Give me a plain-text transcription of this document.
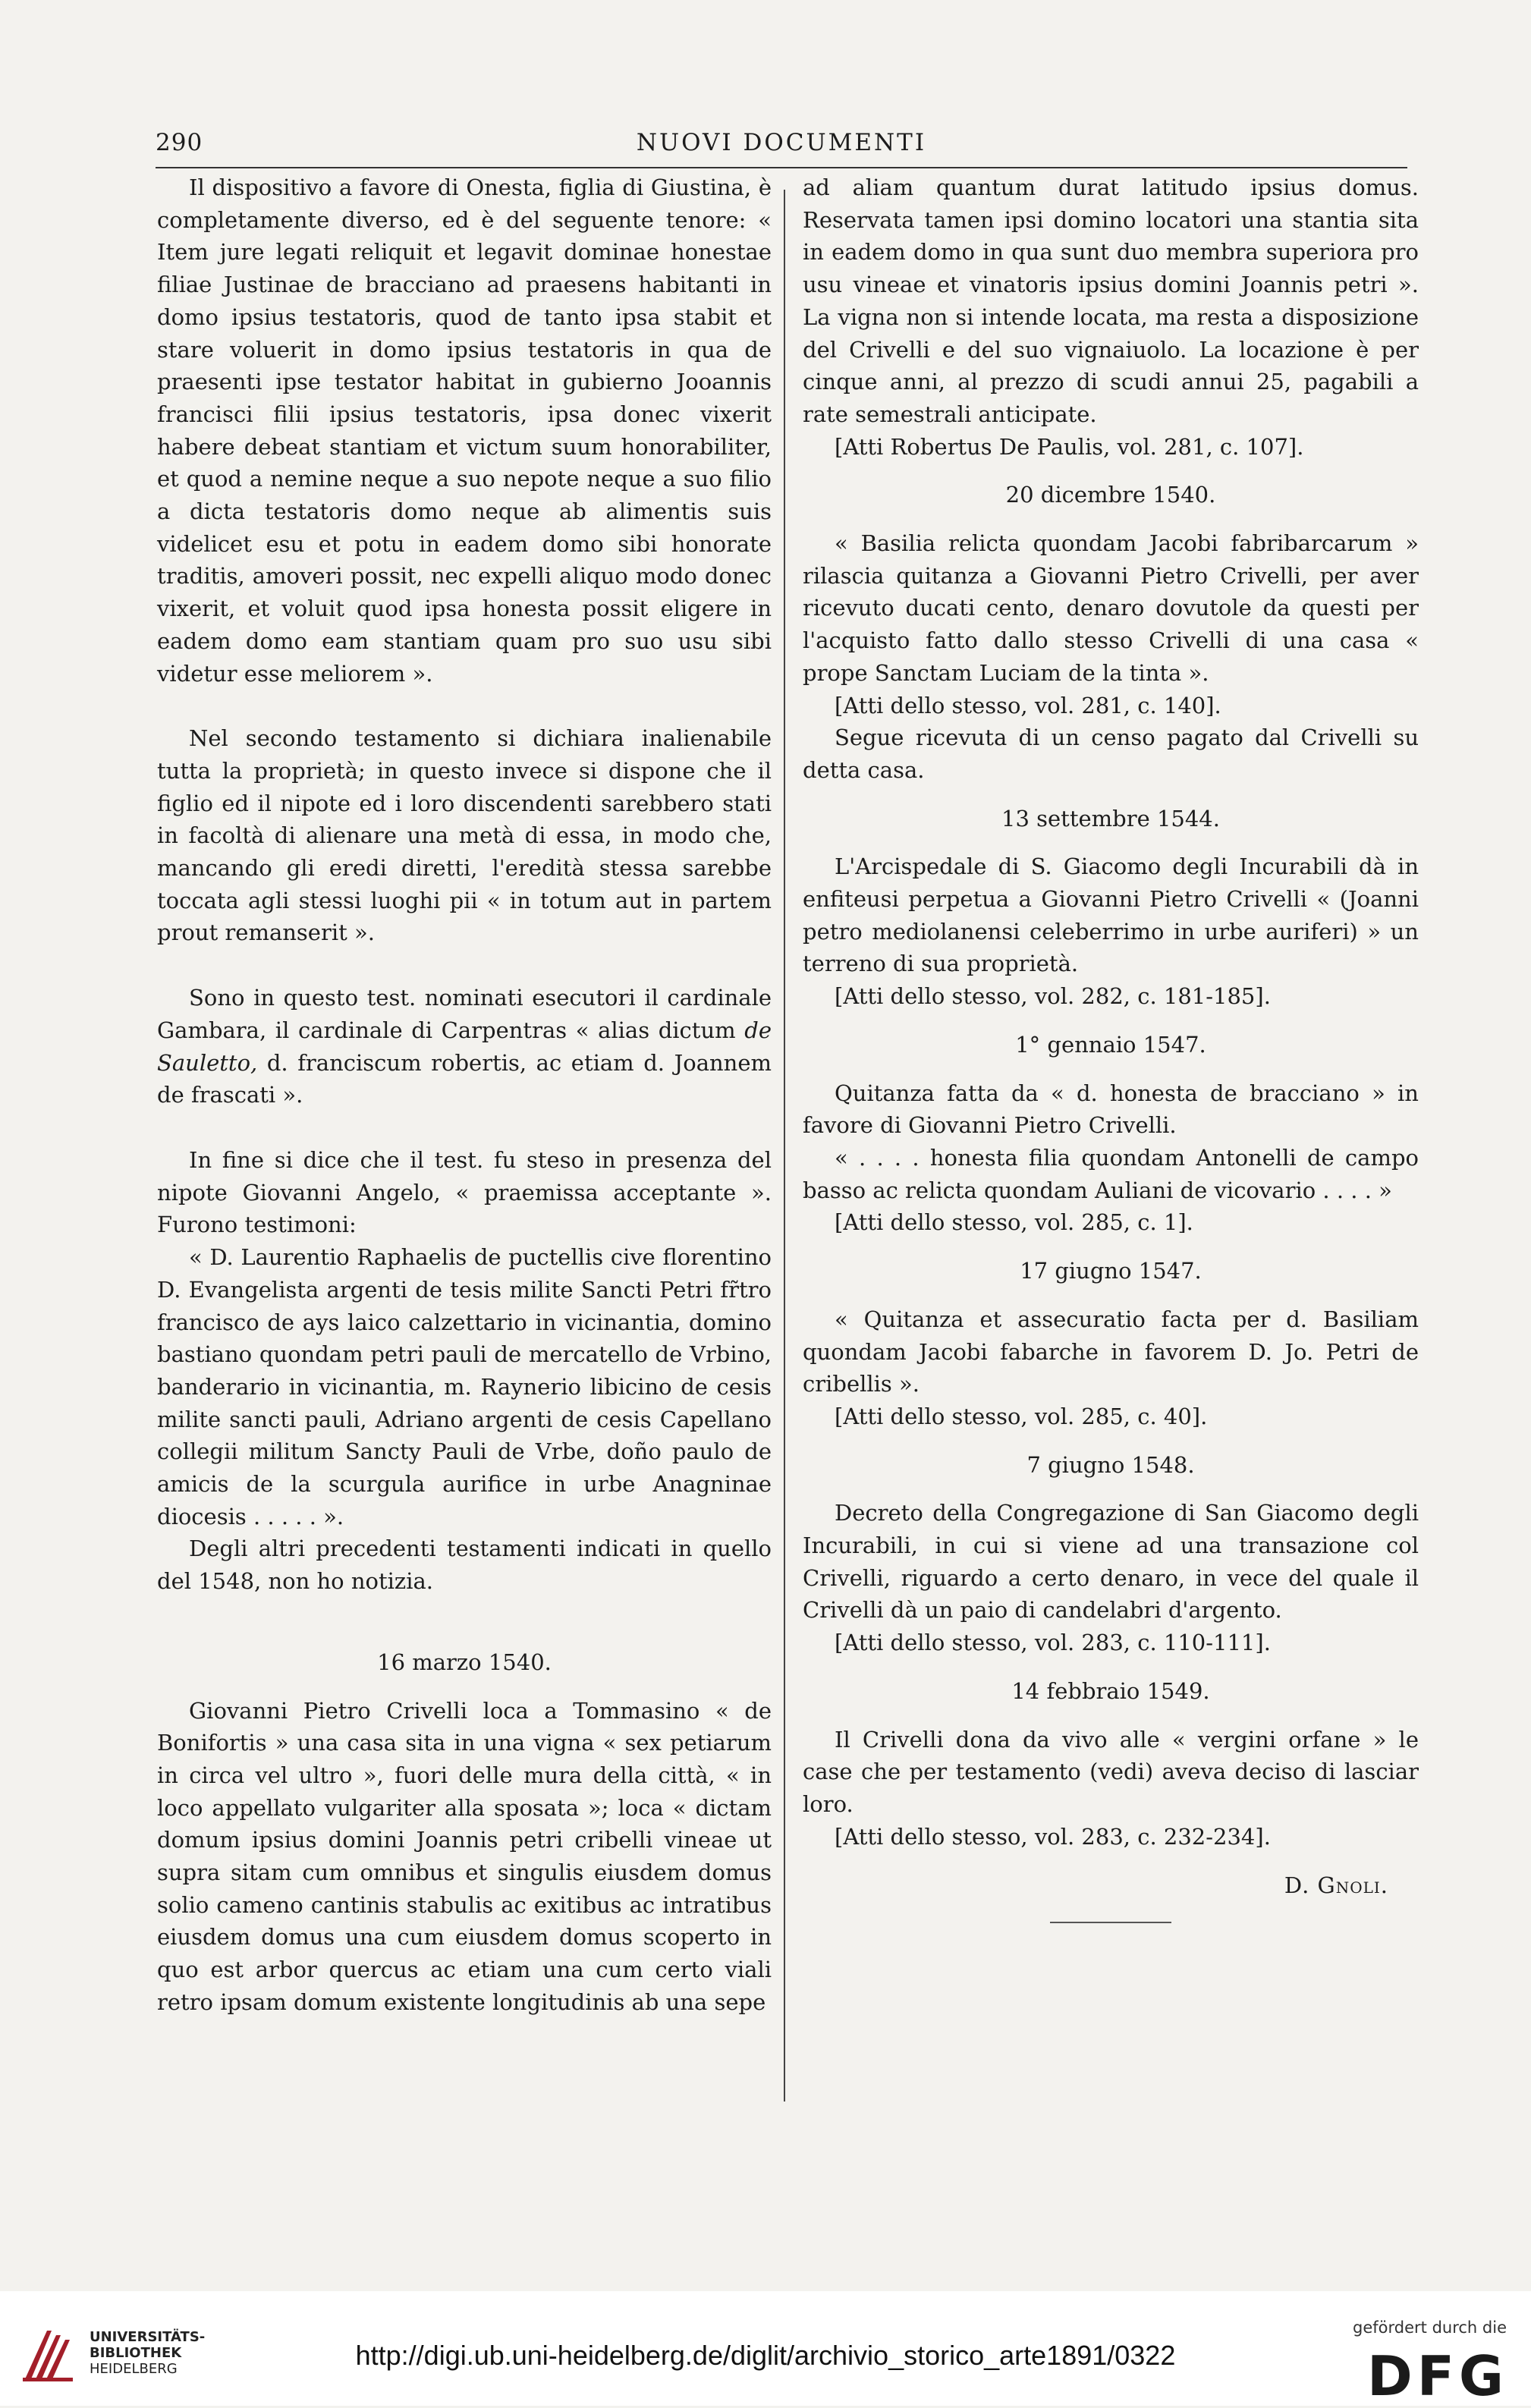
290	NUOVI DOCUMENTI

Il dispositivo a favore di Onesta, figlia di Giustina, è completamente diverso, ed è del seguente tenore: « Item jure legati reliquit et legavit dominae honestae filiae Justinae de bracciano ad praesens habitanti in domo ipsius testatoris, quod de tanto ipsa stabit et stare voluerit in domo ipsius testatoris in qua de praesenti ipse testator habitat in gubierno Jooannis francisci filii ipsius testatoris, ipsa donec vixerit habere debeat stantiam et victum suum honorabiliter, et quod a nemine neque a suo nepote neque a suo filio a dicta testatoris domo neque ab alimentis suis videlicet esu et potu in eadem domo sibi honorate traditis, amoveri possit, nec expelli aliquo modo donec vixerit, et voluit quod ipsa honesta possit eligere in eadem domo eam stantiam quam pro suo usu sibi videtur esse meliorem ».

Nel secondo testamento si dichiara inalienabile tutta la proprietà; in questo invece si dispone che il figlio ed il nipote ed i loro discendenti sarebbero stati in facoltà di alienare una metà di essa, in modo che, mancando gli eredi diretti, l'eredità stessa sarebbe toccata agli stessi luoghi pii « in totum aut in partem prout remanserit ».

Sono in questo test. nominati esecutori il cardinale Gambara, il cardinale di Carpentras « alias dictum de Sauletto, d. franciscum robertis, ac etiam d. Joannem de frascati ».

In fine si dice che il test. fu steso in presenza del nipote Giovanni Angelo, « praemissa acceptante ». Furono testimoni:

« D. Laurentio Raphaelis de puctellis cive florentino D. Evangelista argenti de tesis milite Sancti Petri fr̃tro francisco de ays laico calzettario in vicinantia, domino bastiano quondam petri pauli de mercatello de Vrbino, banderario in vicinantia, m. Raynerio libicino de cesis milite sancti pauli, Adriano argenti de cesis Capellano collegii militum Sancty Pauli de Vrbe, doño paulo de amicis de la scurgula aurifice in urbe Anagninae diocesis . . . . . ».

Degli altri precedenti testamenti indicati in quello del 1548, non ho notizia.

16 marzo 1540.

Giovanni Pietro Crivelli loca a Tommasino « de Bonifortis » una casa sita in una vigna « sex petiarum in circa vel ultro », fuori delle mura della città, « in loco appellato vulgariter alla sposata »; loca « dictam domum ipsius domini Joannis petri cribelli vineae ut supra sitam cum omnibus et singulis eiusdem domus solio cameno cantinis stabulis ac exitibus ac intratibus eiusdem domus una cum eiusdem domus scoperto in quo est arbor quercus ac etiam una cum certo viali retro ipsam domum existente longitudinis ab una sepe

ad aliam quantum durat latitudo ipsius domus. Reservata tamen ipsi domino locatori una stantia sita in eadem domo in qua sunt duo membra superiora pro usu vineae et vinatoris ipsius domini Joannis petri ». La vigna non si intende locata, ma resta a disposizione del Crivelli e del suo vignaiuolo. La locazione è per cinque anni, al prezzo di scudi annui 25, pagabili a rate semestrali anticipate.

[Atti Robertus De Paulis, vol. 281, c. 107].

20 dicembre 1540.

« Basilia relicta quondam Jacobi fabribarcarum » rilascia quitanza a Giovanni Pietro Crivelli, per aver ricevuto ducati cento, denaro dovutole da questi per l'acquisto fatto dallo stesso Crivelli di una casa « prope Sanctam Luciam de la tinta ».

[Atti dello stesso, vol. 281, c. 140].

Segue ricevuta di un censo pagato dal Crivelli su detta casa.

13 settembre 1544.

L'Arcispedale di S. Giacomo degli Incurabili dà in enfiteusi perpetua a Giovanni Pietro Crivelli « (Joanni petro mediolanensi celeberrimo in urbe auriferi) » un terreno di sua proprietà.

[Atti dello stesso, vol. 282, c. 181-185].

1° gennaio 1547.

Quitanza fatta da « d. honesta de bracciano » in favore di Giovanni Pietro Crivelli.

« . . . . honesta filia quondam Antonelli de campo basso ac relicta quondam Auliani de vicovario . . . . »

[Atti dello stesso, vol. 285, c. 1].

17 giugno 1547.

« Quitanza et assecuratio facta per d. Basiliam quondam Jacobi fabarche in favorem D. Jo. Petri de cribellis ».

[Atti dello stesso, vol. 285, c. 40].

7 giugno 1548.

Decreto della Congregazione di San Giacomo degli Incurabili, in cui si viene ad una transazione col Crivelli, riguardo a certo denaro, in vece del quale il Crivelli dà un paio di candelabri d'argento.

[Atti dello stesso, vol. 283, c. 110-111].

14 febbraio 1549.

Il Crivelli dona da vivo alle « vergini orfane » le case che per testamento (vedi) aveva deciso di lasciar loro.

[Atti dello stesso, vol. 283, c. 232-234].

D. Gnoli.

UNIVERSITÄTS-
BIBLIOTHEK
HEIDELBERG	http://digi.ub.uni-heidelberg.de/diglit/archivio_storico_arte1891/0322
gefördert durch die
DFG
